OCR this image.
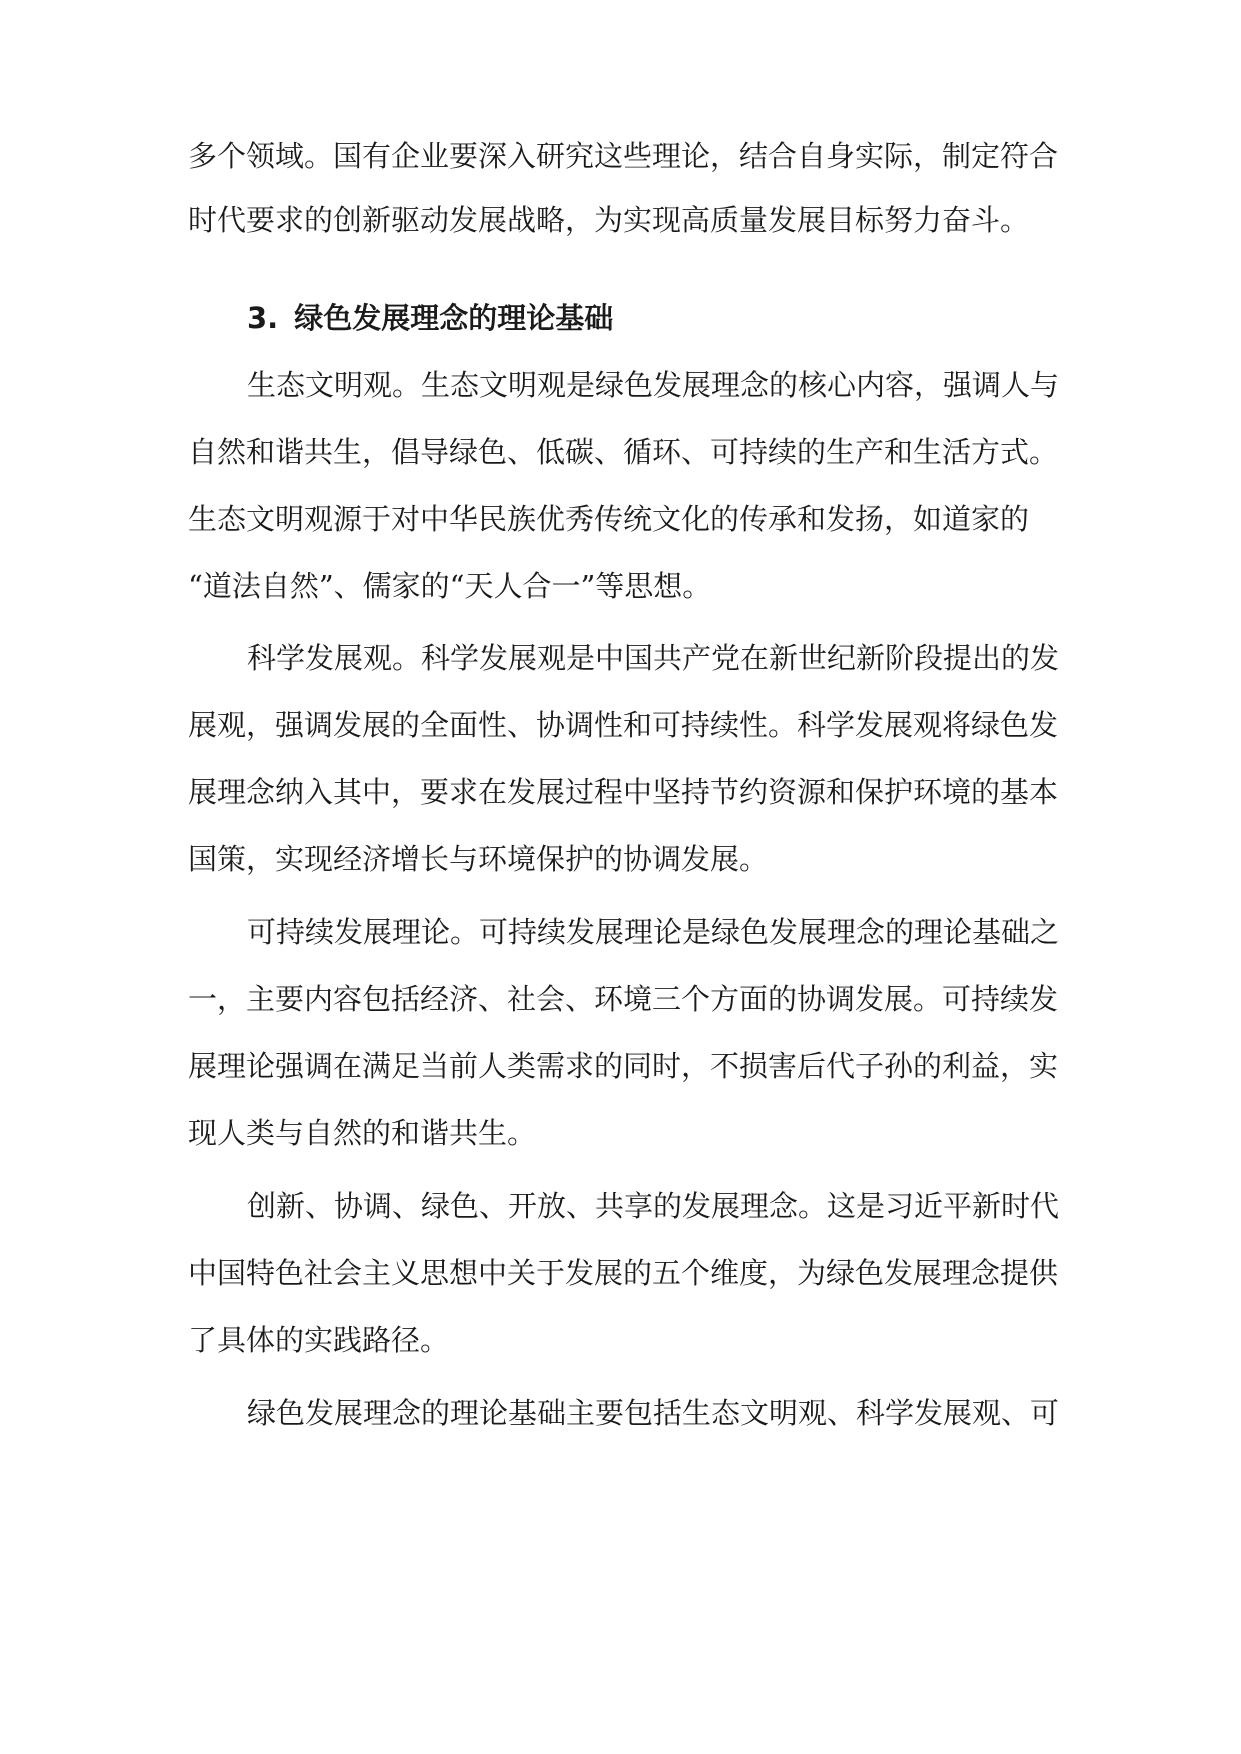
多个领域。国有企业要深入研究这些理论，结合自身实际，制定符合
时代要求的创新驱动发展战略，为实现高质量发展目标努力奋斗。
3. 绿色发展理念的理论基础
生态文明观。生态文明观是绿色发展理念的核心内容，强调人与
自然和谐共生，倡导绿色、低碳、循环、可持续的生产和生活方式。
生态文明观源于对中华民族优秀传统文化的传承和发扬，如道家的
“道法自然”、儒家的“天人合一”等思想。
科学发展观。科学发展观是中国共产党在新世纪新阶段提出的发
展观，强调发展的全面性、协调性和可持续性。科学发展观将绿色发
展理念纳入其中，要求在发展过程中坚持节约资源和保护环境的基本
国策，实现经济增长与环境保护的协调发展。
可持续发展理论。可持续发展理论是绿色发展理念的理论基础之
一，主要内容包括经济、社会、环境三个方面的协调发展。可持续发
展理论强调在满足当前人类需求的同时，不损害后代子孙的利益，实
现人类与自然的和谐共生。
创新、协调、绿色、开放、共享的发展理念。这是习近平新时代
中国特色社会主义思想中关于发展的五个维度，为绿色发展理念提供
了具体的实践路径。
绿色发展理念的理论基础主要包括生态文明观、科学发展观、可
